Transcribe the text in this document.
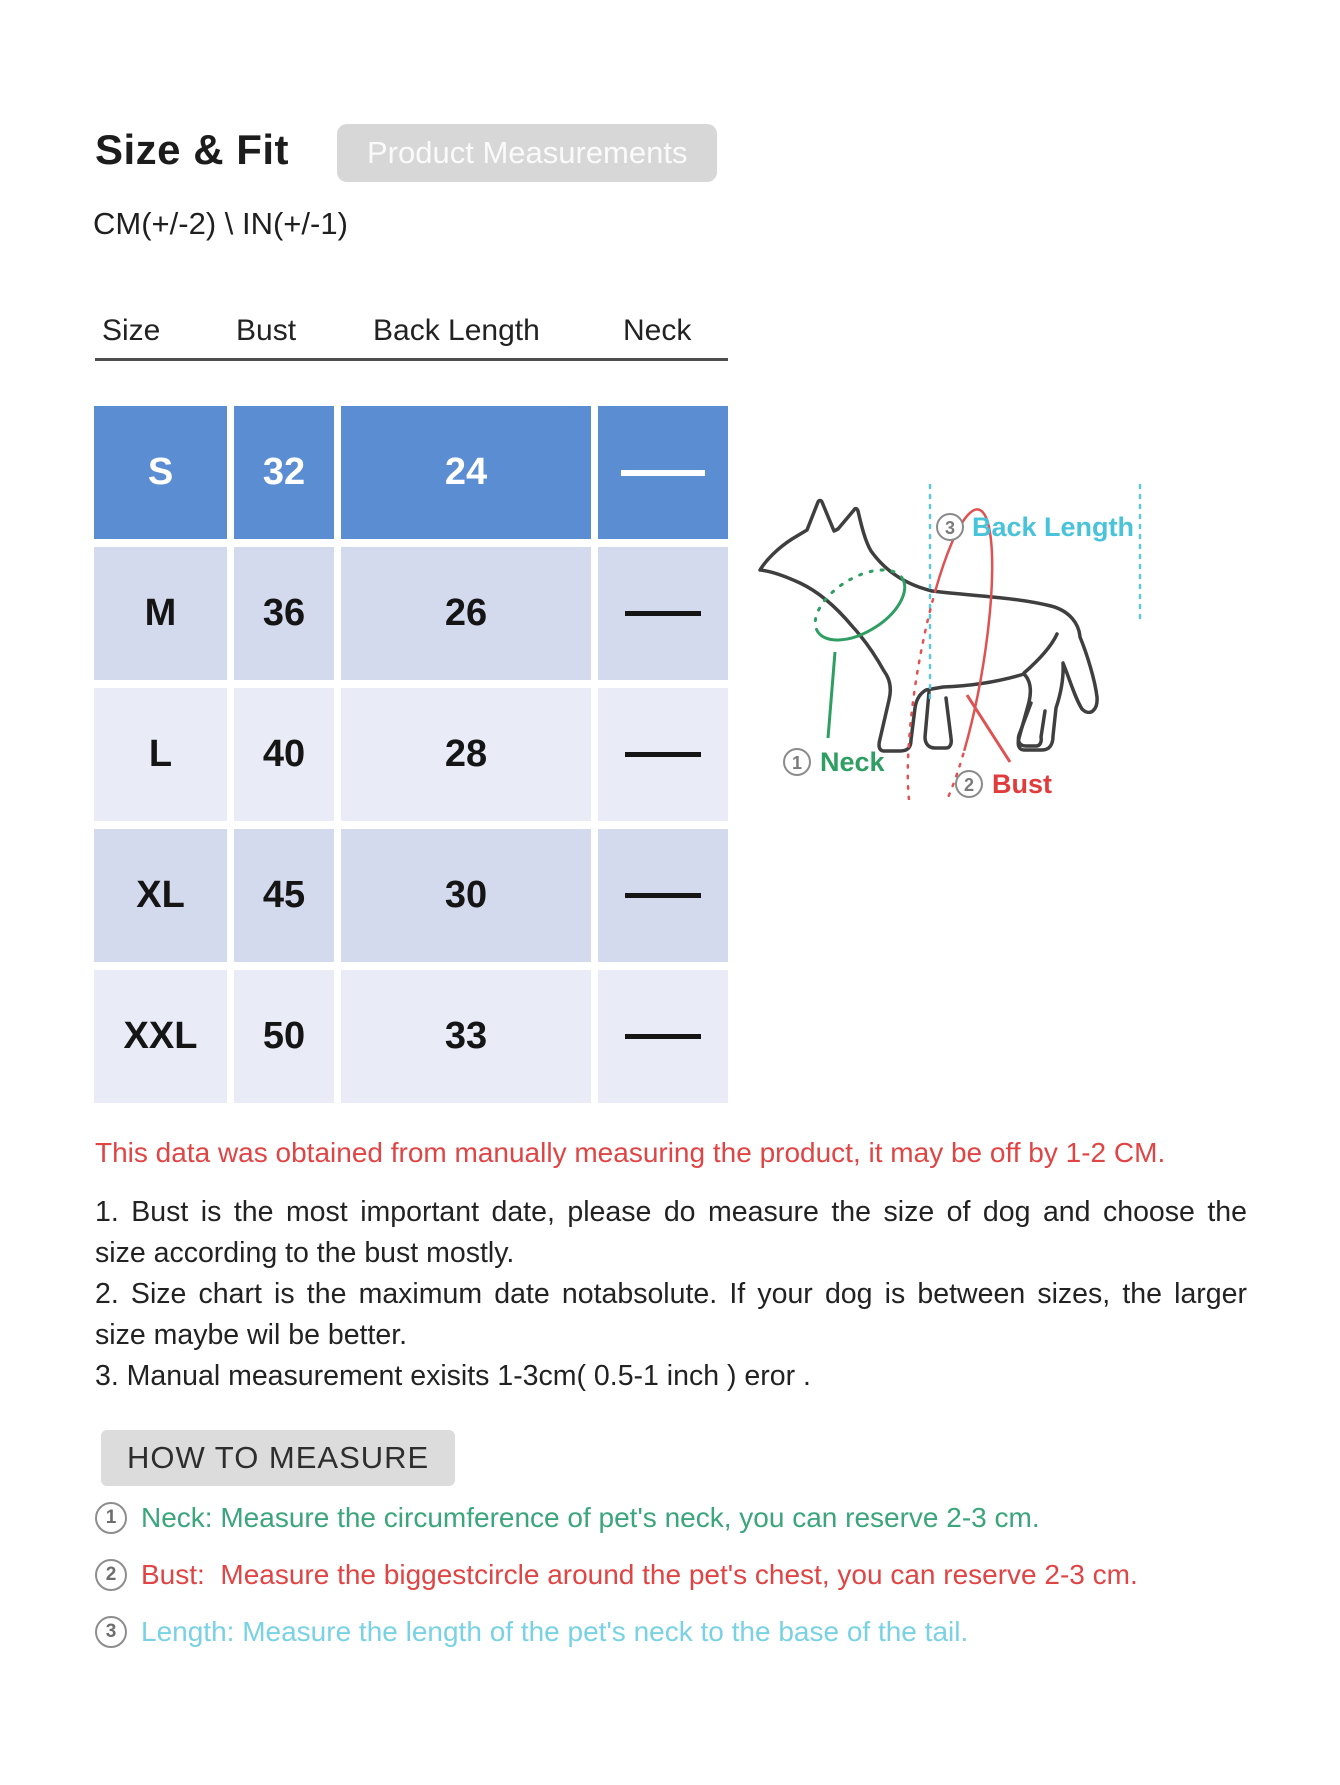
Size & Fit	Product Measurements
CM(+/-2) \ IN(+/-1)
Size	Bust	Back Length	Neck
S	32	24
M	36	26
L	40	28
XL	45	30
XXL	50	33
3 Back Length
1 Neck
2 Bust
This data was obtained from manually measuring the product, it may be off by 1-2 CM.
1. Bust is the most important date, please do measure the size of dog and choose the
size according to the bust mostly.
2. Size chart is the maximum date notabsolute. If your dog is between sizes, the larger
size maybe wil be better.
3. Manual measurement exisits 1-3cm( 0.5-1 inch ) eror .
HOW TO MEASURE
1 Neck: Measure the circumference of pet's neck, you can reserve 2-3 cm.
2 Bust:  Measure the biggestcircle around the pet's chest, you can reserve 2-3 cm.
3 Length: Measure the length of the pet's neck to the base of the tail.
